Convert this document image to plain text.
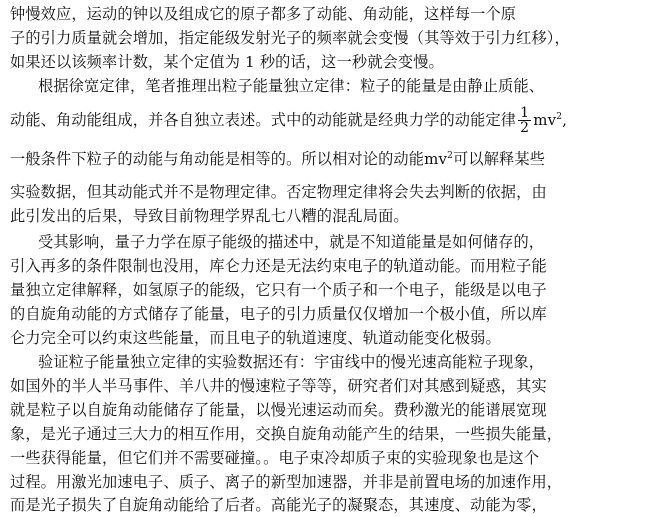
钟慢效应，运动的钟以及组成它的原子都多了动能、角动能，这样每一个原
子的引力质量就会增加，指定能级发射光子的频率就会变慢（其等效于引力红移），
如果还以该频率计数，某个定值为 1 秒的话，这一秒就会变慢。
根据徐宽定律，笔者推理出粒子能量独立定律：粒子的能量是由静止质能、
动能、角动能组成，并各自独立表述。式中的动能就是经典力学的动能定律 $\frac{1}{2} mv^2$,
一般条件下粒子的动能与角动能是相等的。所以相对论的动能$mv^2$可以解释某些
实验数据，但其动能式并不是物理定律。否定物理定律将会失去判断的依据，由
此引发出的后果，导致目前物理学界乱七八糟的混乱局面。
受其影响，量子力学在原子能级的描述中，就是不知道能量是如何储存的，
引入再多的条件限制也没用，库仑力还是无法约束电子的轨道动能。而用粒子能
量独立定律解释，如氢原子的能级，它只有一个质子和一个电子，能级是以电子
的自旋角动能的方式储存了能量，电子的引力质量仅仅增加一个极小值，所以库
仑力完全可以约束这些能量，而且电子的轨道速度、轨道动能变化极弱。
验证粒子能量独立定律的实验数据还有：宇宙线中的慢光速高能粒子现象，
如国外的半人半马事件、羊八井的慢速粒子等等，研究者们对其感到疑惑，其实
就是粒子以自旋角动能储存了能量，以慢光速运动而矣。费秒激光的能谱展宽现
象，是光子通过三大力的相互作用，交换自旋角动能产生的结果，一些损失能量，
一些获得能量，但它们并不需要碰撞。。电子束冷却质子束的实验现象也是这个
过程。用激光加速电子、质子、离子的新型加速器，并非是前置电场的加速作用，
而是光子损失了自旋角动能给了后者。高能光子的凝聚态，其速度、动能为零，
